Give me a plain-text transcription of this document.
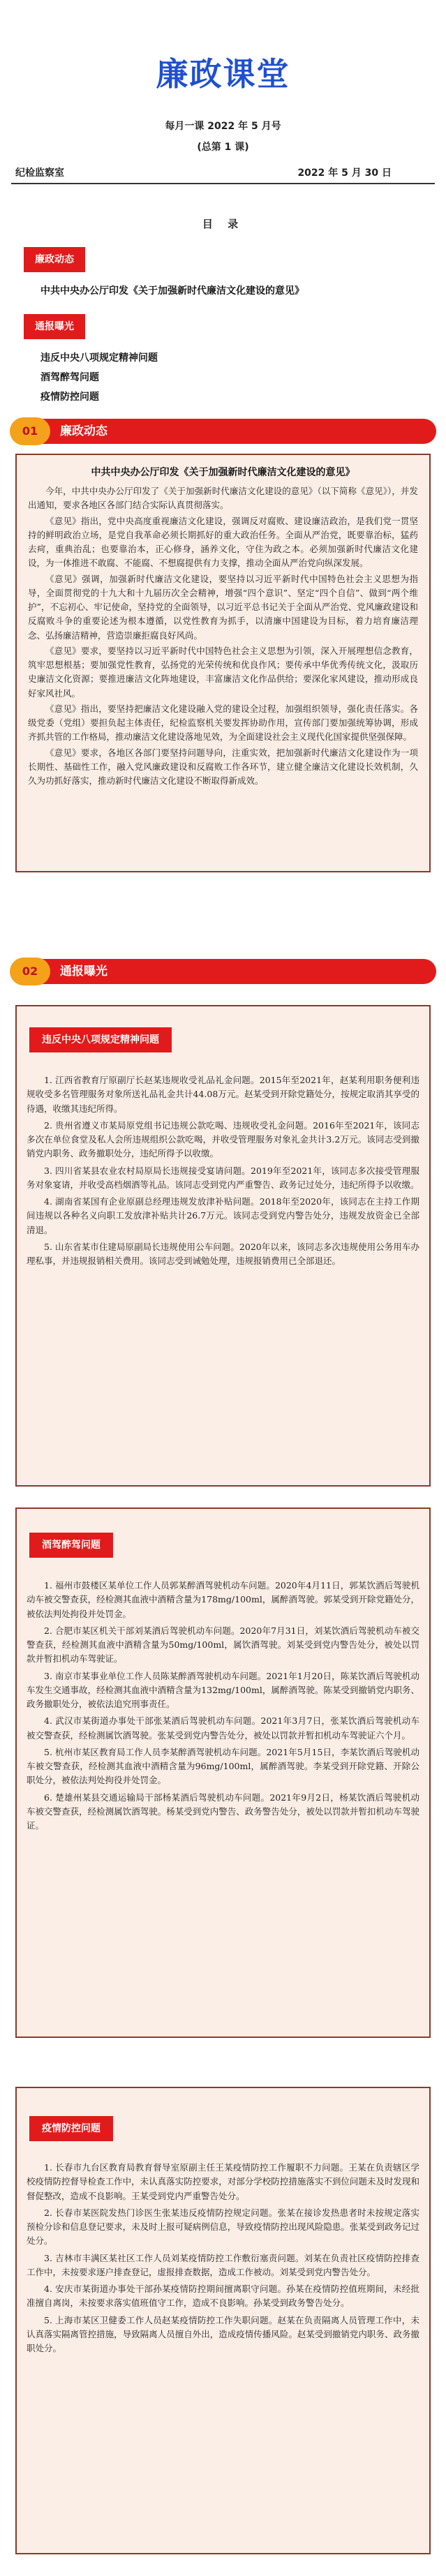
廉政课堂
每月一课 2022 年 5 月号
(总第 1 课)
纪检监察室	2022 年 5 月 30 日
目 录
廉政动态
中共中央办公厅印发《关于加强新时代廉洁文化建设的意见》
通报曝光
违反中央八项规定精神问题
酒驾醉驾问题
疫情防控问题
01	廉政动态
中共中央办公厅印发《关于加强新时代廉洁文化建设的意见》

今年，中共中央办公厅印发了《关于加强新时代廉洁文化建设的意见》（以下简称《意见》），并发出通知，要求各地区各部门结合实际认真贯彻落实。

《意见》指出，党中央高度重视廉洁文化建设，强调反对腐败、建设廉洁政治，是我们党一贯坚持的鲜明政治立场，是党自我革命必须长期抓好的重大政治任务。全面从严治党，既要靠治标，猛药去疴，重典治乱；也要靠治本，正心修身，涵养文化，守住为政之本。必须加强新时代廉洁文化建设，为一体推进不敢腐、不能腐、不想腐提供有力支撑，推动全面从严治党向纵深发展。

《意见》强调，加强新时代廉洁文化建设，要坚持以习近平新时代中国特色社会主义思想为指导，全面贯彻党的十九大和十九届历次全会精神，增强“四个意识”、坚定“四个自信”、做到“两个维护”，不忘初心、牢记使命，坚持党的全面领导，以习近平总书记关于全面从严治党、党风廉政建设和反腐败斗争的重要论述为根本遵循，以党性教育为抓手，以清廉中国建设为目标，着力培育廉洁理念、弘扬廉洁精神，营造崇廉拒腐良好风尚。

《意见》要求，要坚持以习近平新时代中国特色社会主义思想为引领，深入开展理想信念教育，筑牢思想根基；要加强党性教育，弘扬党的光荣传统和优良作风；要传承中华优秀传统文化，汲取历史廉洁文化资源；要推进廉洁文化阵地建设，丰富廉洁文化作品供给；要深化家风建设，推动形成良好家风社风。

《意见》指出，要坚持把廉洁文化建设融入党的建设全过程，加强组织领导，强化责任落实。各级党委（党组）要担负起主体责任，纪检监察机关要发挥协助作用，宣传部门要加强统筹协调，形成齐抓共管的工作格局，推动廉洁文化建设落地见效，为全面建设社会主义现代化国家提供坚强保障。

《意见》要求，各地区各部门要坚持问题导向，注重实效，把加强新时代廉洁文化建设作为一项长期性、基础性工作，融入党风廉政建设和反腐败工作各环节，建立健全廉洁文化建设长效机制，久久为功抓好落实，推动新时代廉洁文化建设不断取得新成效。

02	通报曝光
违反中央八项规定精神问题

1. 江西省教育厅原副厅长赵某违规收受礼品礼金问题。2015年至2021年，赵某利用职务便利违规收受多名管理服务对象所送礼品礼金共计44.08万元。赵某受到开除党籍处分，按规定取消其享受的待遇，收缴其违纪所得。

2. 贵州省遵义市某局原党组书记违规公款吃喝、违规收受礼金问题。2016年至2021年，该同志多次在单位食堂及私人会所违规组织公款吃喝，并收受管理服务对象礼金共计3.2万元。该同志受到撤销党内职务、政务撤职处分，违纪所得予以收缴。

3. 四川省某县农业农村局原局长违规接受宴请问题。2019年至2021年，该同志多次接受管理服务对象宴请，并收受高档烟酒等礼品。该同志受到党内严重警告、政务记过处分，违纪所得予以收缴。

4. 湖南省某国有企业原副总经理违规发放津补贴问题。2018年至2020年，该同志在主持工作期间违规以各种名义向职工发放津补贴共计26.7万元。该同志受到党内警告处分，违规发放资金已全部清退。

5. 山东省某市住建局原副局长违规使用公车问题。2020年以来，该同志多次违规使用公务用车办理私事，并违规报销相关费用。该同志受到诫勉处理，违规报销费用已全部退还。

酒驾醉驾问题

1. 福州市鼓楼区某单位工作人员郭某醉酒驾驶机动车问题。2020年4月11日，郭某饮酒后驾驶机动车被交警查获，经检测其血液中酒精含量为178mg/100ml，属醉酒驾驶。郭某受到开除党籍处分，被依法判处拘役并处罚金。

2. 合肥市某区机关干部刘某酒后驾驶机动车问题。2020年7月31日，刘某饮酒后驾驶机动车被交警查获，经检测其血液中酒精含量为50mg/100ml，属饮酒驾驶。刘某受到党内警告处分，被处以罚款并暂扣机动车驾驶证。

3. 南京市某事业单位工作人员陈某醉酒驾驶机动车问题。2021年1月20日，陈某饮酒后驾驶机动车发生交通事故，经检测其血液中酒精含量为132mg/100ml，属醉酒驾驶。陈某受到撤销党内职务、政务撤职处分，被依法追究刑事责任。

4. 武汉市某街道办事处干部张某酒后驾驶机动车问题。2021年3月7日，张某饮酒后驾驶机动车被交警查获，经检测属饮酒驾驶。张某受到党内警告处分，被处以罚款并暂扣机动车驾驶证六个月。

5. 杭州市某区教育局工作人员李某醉酒驾驶机动车问题。2021年5月15日，李某饮酒后驾驶机动车被交警查获，经检测其血液中酒精含量为96mg/100ml，属醉酒驾驶。李某受到开除党籍、开除公职处分，被依法判处拘役并处罚金。

6. 楚雄州某县交通运输局干部杨某酒后驾驶机动车问题。2021年9月2日，杨某饮酒后驾驶机动车被交警查获，经检测属饮酒驾驶。杨某受到党内警告、政务警告处分，被处以罚款并暂扣机动车驾驶证。

疫情防控问题

1. 长春市九台区教育局教育督导室原副主任王某疫情防控工作履职不力问题。王某在负责辖区学校疫情防控督导检查工作中，未认真落实防控要求，对部分学校防控措施落实不到位问题未及时发现和督促整改，造成不良影响。王某受到党内严重警告处分。

2. 长春市某医院发热门诊医生张某违反疫情防控规定问题。张某在接诊发热患者时未按规定落实预检分诊和信息登记要求，未及时上报可疑病例信息，导致疫情防控出现风险隐患。张某受到政务记过处分。

3. 吉林市丰满区某社区工作人员刘某疫情防控工作敷衍塞责问题。刘某在负责社区疫情防控排查工作中，未按要求逐户排查登记，虚报排查数据，造成工作被动。刘某受到党内警告处分。

4. 安庆市某街道办事处干部孙某疫情防控期间擅离职守问题。孙某在疫情防控值班期间，未经批准擅自离岗，未按要求落实值班值守工作，造成不良影响。孙某受到政务警告处分。

5. 上海市某区卫健委工作人员赵某疫情防控工作失职问题。赵某在负责隔离人员管理工作中，未认真落实隔离管控措施，导致隔离人员擅自外出，造成疫情传播风险。赵某受到撤销党内职务、政务撤职处分。
